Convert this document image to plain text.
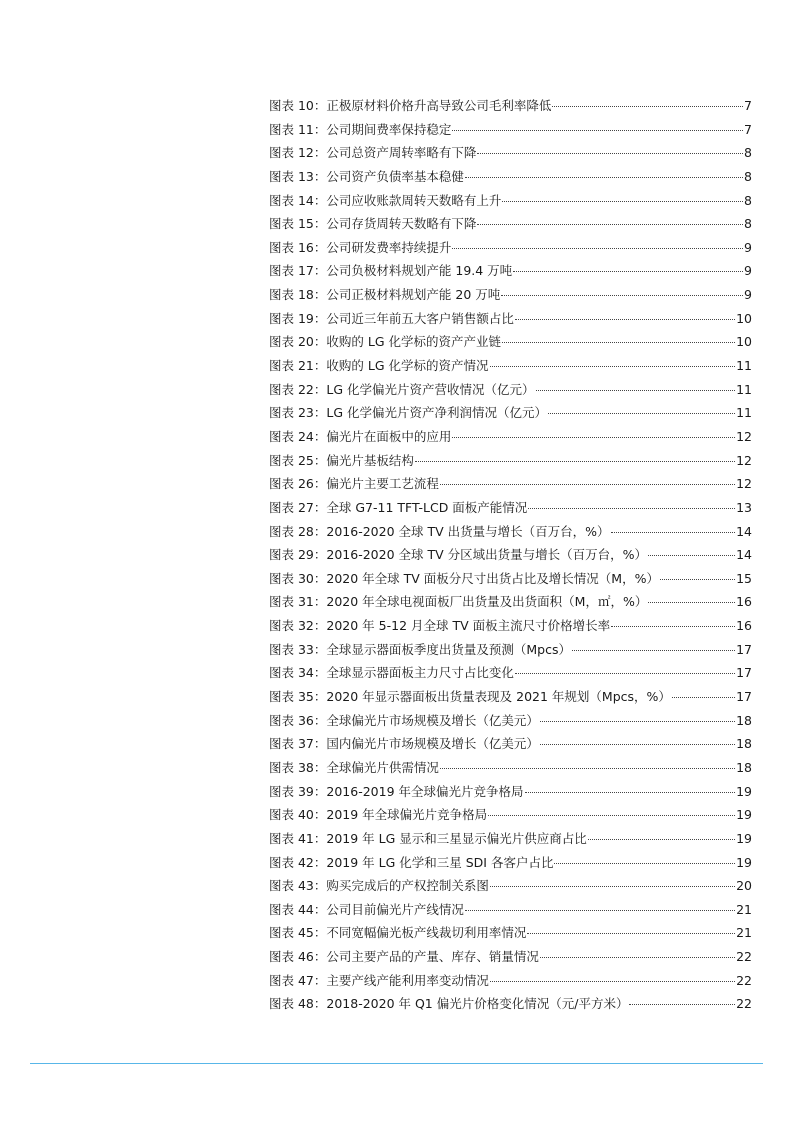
图表 10： 正极原材料价格升高导致公司毛利率降低	7
图表 11： 公司期间费率保持稳定	7
图表 12： 公司总资产周转率略有下降	8
图表 13： 公司资产负债率基本稳健	8
图表 14： 公司应收账款周转天数略有上升	8
图表 15： 公司存货周转天数略有下降	8
图表 16： 公司研发费率持续提升	9
图表 17： 公司负极材料规划产能 19.4 万吨	9
图表 18： 公司正极材料规划产能 20 万吨	9
图表 19： 公司近三年前五大客户销售额占比	10
图表 20： 收购的 LG 化学标的资产产业链	10
图表 21： 收购的 LG 化学标的资产情况	11
图表 22： LG 化学偏光片资产营收情况（亿元）	11
图表 23： LG 化学偏光片资产净利润情况（亿元）	11
图表 24： 偏光片在面板中的应用	12
图表 25： 偏光片基板结构	12
图表 26： 偏光片主要工艺流程	12
图表 27： 全球 G7-11 TFT-LCD 面板产能情况	13
图表 28： 2016-2020 全球 TV 出货量与增长（百万台，%）	14
图表 29： 2016-2020 全球 TV 分区域出货量与增长（百万台，%）	14
图表 30： 2020 年全球 TV 面板分尺寸出货占比及增长情况（M，%）	15
图表 31： 2020 年全球电视面板厂出货量及出货面积（M，㎡，%）	16
图表 32： 2020 年 5-12 月全球 TV 面板主流尺寸价格增长率	16
图表 33： 全球显示器面板季度出货量及预测（Mpcs）	17
图表 34： 全球显示器面板主力尺寸占比变化	17
图表 35： 2020 年显示器面板出货量表现及 2021 年规划（Mpcs，%）	17
图表 36： 全球偏光片市场规模及增长（亿美元）	18
图表 37： 国内偏光片市场规模及增长（亿美元）	18
图表 38： 全球偏光片供需情况	18
图表 39： 2016-2019 年全球偏光片竞争格局	19
图表 40： 2019 年全球偏光片竞争格局	19
图表 41： 2019 年 LG 显示和三星显示偏光片供应商占比	19
图表 42： 2019 年 LG 化学和三星 SDI 各客户占比	19
图表 43： 购买完成后的产权控制关系图	20
图表 44： 公司目前偏光片产线情况	21
图表 45： 不同宽幅偏光板产线裁切利用率情况	21
图表 46： 公司主要产品的产量、库存、销量情况	22
图表 47： 主要产线产能利用率变动情况	22
图表 48： 2018-2020 年 Q1 偏光片价格变化情况（元/平方米）	22
